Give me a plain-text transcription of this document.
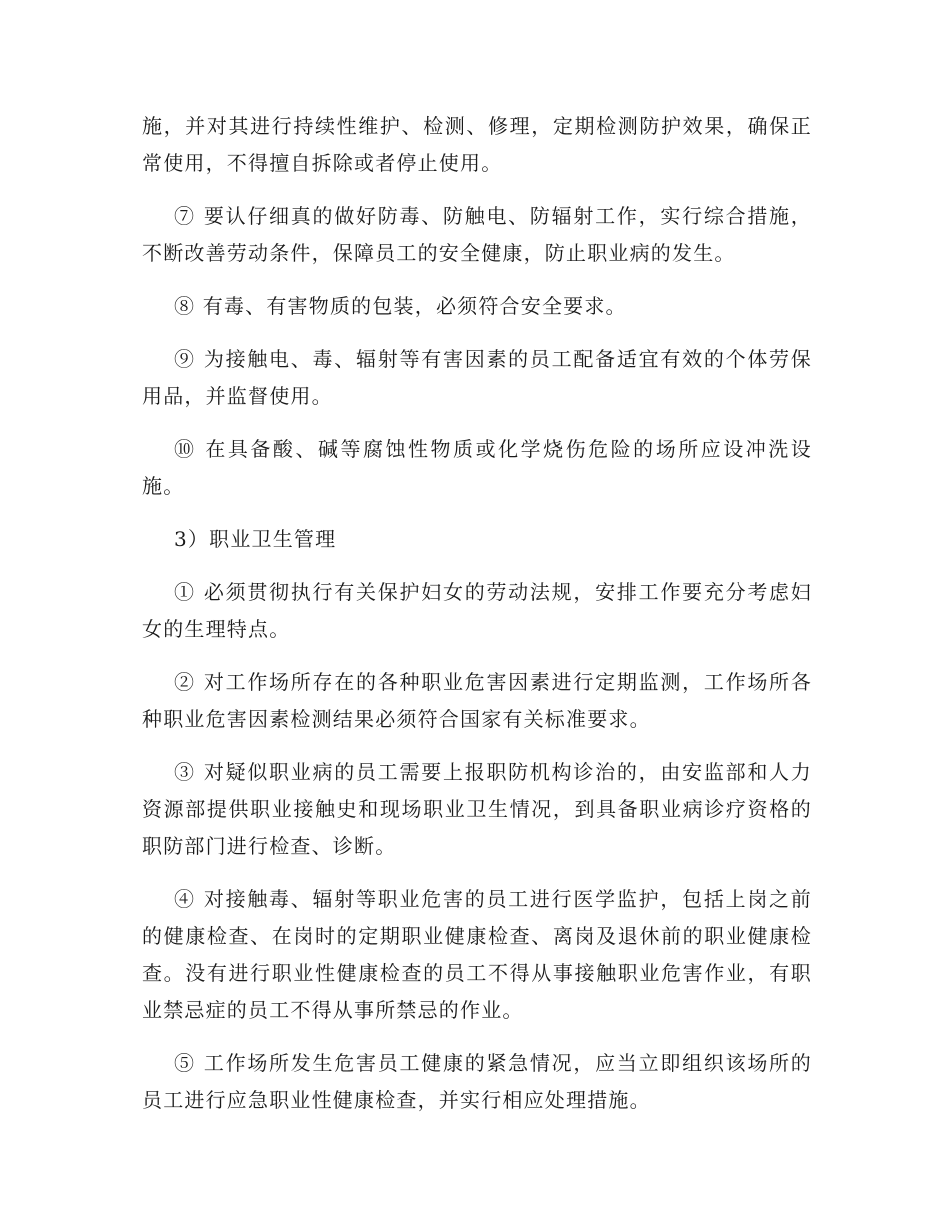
施，并对其进行持续性维护、检测、修理，定期检测防护效果，确保正常使用，不得擅自拆除或者停止使用。

⑦ 要认仔细真的做好防毒、防触电、防辐射工作，实行综合措施，不断改善劳动条件，保障员工的安全健康，防止职业病的发生。

⑧ 有毒、有害物质的包装，必须符合安全要求。

⑨ 为接触电、毒、辐射等有害因素的员工配备适宜有效的个体劳保用品，并监督使用。

⑩ 在具备酸、碱等腐蚀性物质或化学烧伤危险的场所应设冲洗设施。

3）职业卫生管理

① 必须贯彻执行有关保护妇女的劳动法规，安排工作要充分考虑妇女的生理特点。

② 对工作场所存在的各种职业危害因素进行定期监测，工作场所各种职业危害因素检测结果必须符合国家有关标准要求。

③ 对疑似职业病的员工需要上报职防机构诊治的，由安监部和人力资源部提供职业接触史和现场职业卫生情况，到具备职业病诊疗资格的职防部门进行检查、诊断。

④ 对接触毒、辐射等职业危害的员工进行医学监护，包括上岗之前的健康检查、在岗时的定期职业健康检查、离岗及退休前的职业健康检查。没有进行职业性健康检查的员工不得从事接触职业危害作业，有职业禁忌症的员工不得从事所禁忌的作业。

⑤ 工作场所发生危害员工健康的紧急情况，应当立即组织该场所的员工进行应急职业性健康检查，并实行相应处理措施。
